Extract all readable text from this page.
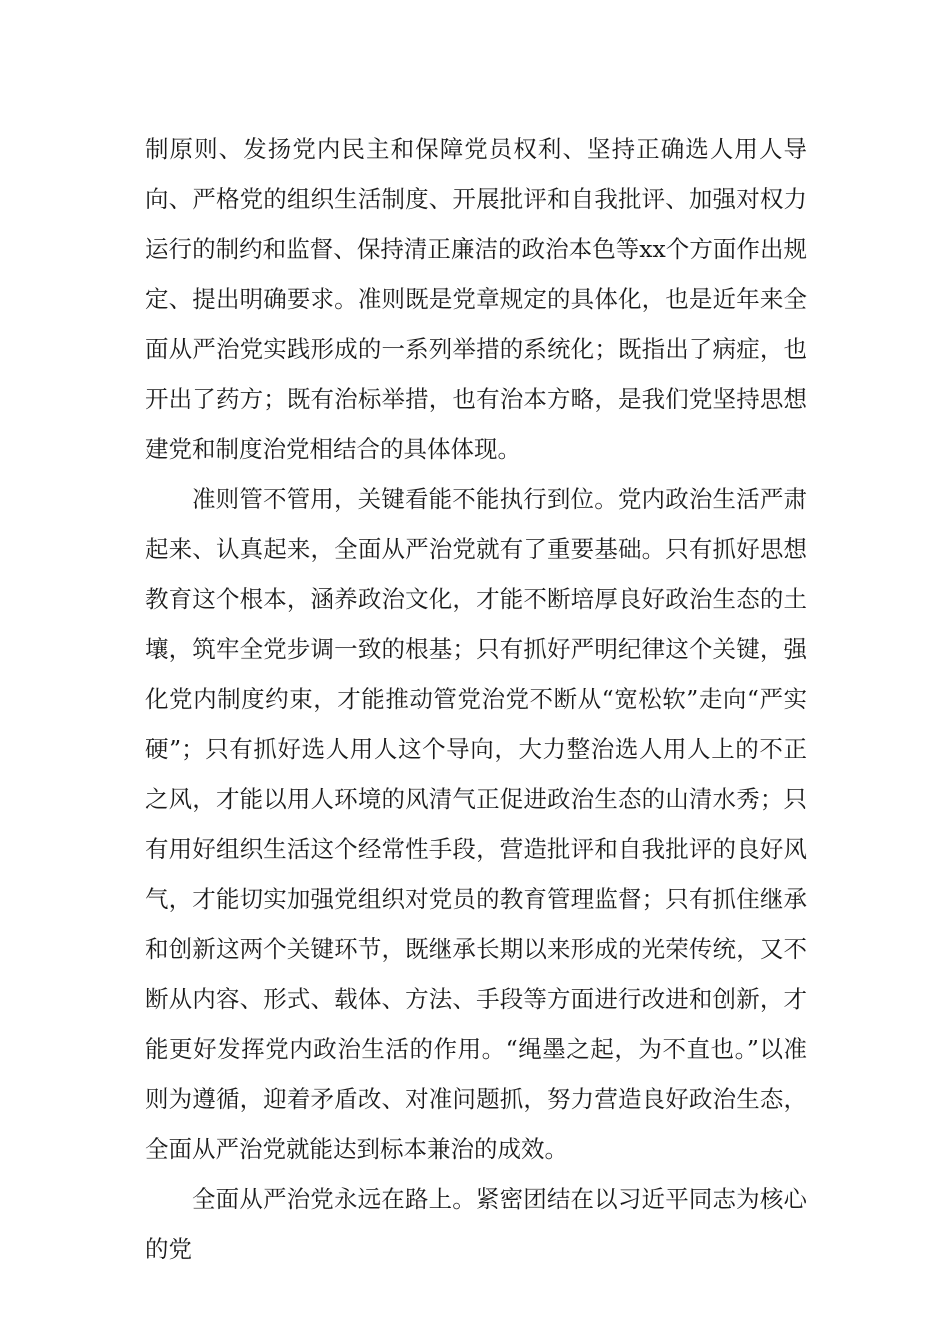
制原则、发扬党内民主和保障党员权利、坚持正确选人用人导向、严格党的组织生活制度、开展批评和自我批评、加强对权力运行的制约和监督、保持清正廉洁的政治本色等xx个方面作出规定、提出明确要求。准则既是党章规定的具体化，也是近年来全面从严治党实践形成的一系列举措的系统化；既指出了病症，也开出了药方；既有治标举措，也有治本方略，是我们党坚持思想建党和制度治党相结合的具体体现。

准则管不管用，关键看能不能执行到位。党内政治生活严肃起来、认真起来，全面从严治党就有了重要基础。只有抓好思想教育这个根本，涵养政治文化，才能不断培厚良好政治生态的土壤，筑牢全党步调一致的根基；只有抓好严明纪律这个关键，强化党内制度约束，才能推动管党治党不断从“宽松软”走向“严实硬”；只有抓好选人用人这个导向，大力整治选人用人上的不正之风，才能以用人环境的风清气正促进政治生态的山清水秀；只有用好组织生活这个经常性手段，营造批评和自我批评的良好风气，才能切实加强党组织对党员的教育管理监督；只有抓住继承和创新这两个关键环节，既继承长期以来形成的光荣传统，又不断从内容、形式、载体、方法、手段等方面进行改进和创新，才能更好发挥党内政治生活的作用。“绳墨之起，为不直也。”以准则为遵循，迎着矛盾改、对准问题抓，努力营造良好政治生态，全面从严治党就能达到标本兼治的成效。

全面从严治党永远在路上。紧密团结在以习近平同志为核心的党
